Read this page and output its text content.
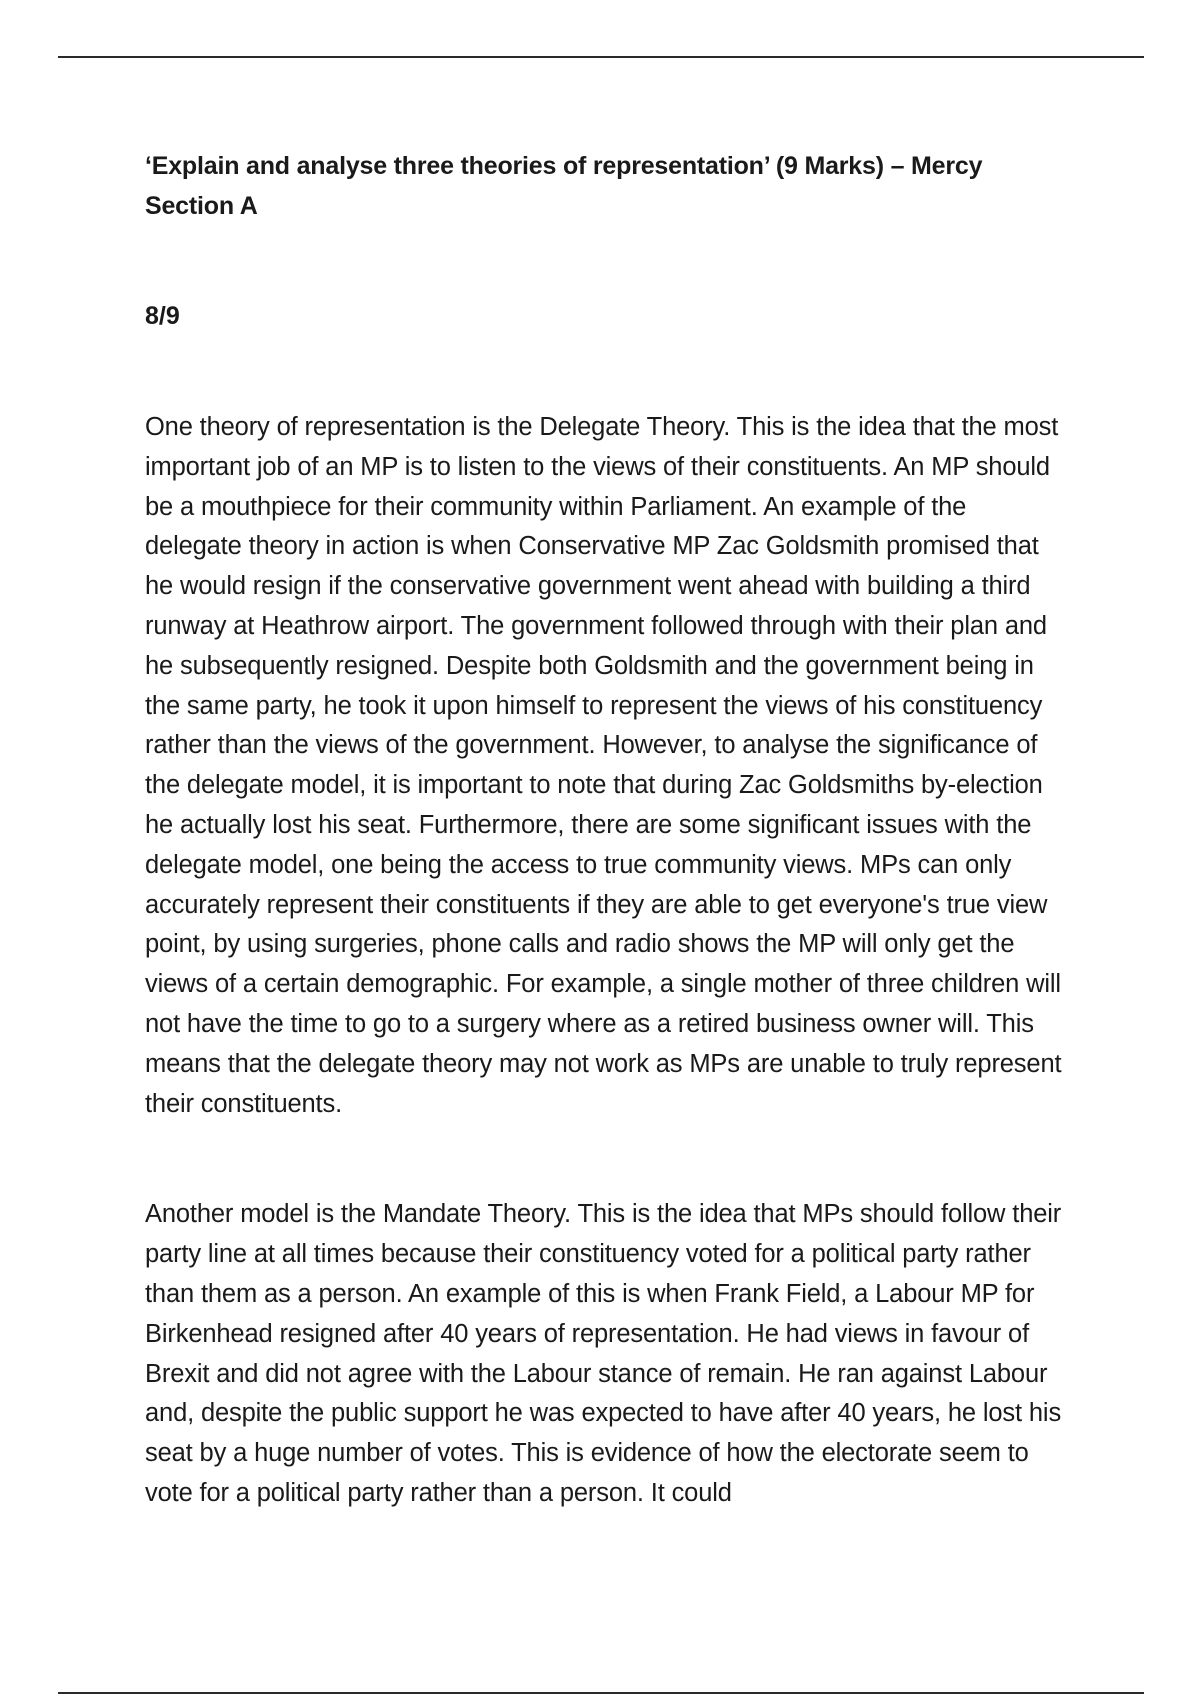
‘Explain and analyse three theories of representation’ (9 Marks) – Mercy Section A

8/9

One theory of representation is the Delegate Theory. This is the idea that the most important job of an MP is to listen to the views of their constituents. An MP should be a mouthpiece for their community within Parliament. An example of the delegate theory in action is when Conservative MP Zac Goldsmith promised that he would resign if the conservative government went ahead with building a third runway at Heathrow airport. The government followed through with their plan and he subsequently resigned. Despite both Goldsmith and the government being in the same party, he took it upon himself to represent the views of his constituency rather than the views of the government. However, to analyse the significance of the delegate model, it is important to note that during Zac Goldsmiths by-election he actually lost his seat. Furthermore, there are some significant issues with the delegate model, one being the access to true community views. MPs can only accurately represent their constituents if they are able to get everyone's true view point, by using surgeries, phone calls and radio shows the MP will only get the views of a certain demographic. For example, a single mother of three children will not have the time to go to a surgery where as a retired business owner will. This means that the delegate theory may not work as MPs are unable to truly represent their constituents.

Another model is the Mandate Theory. This is the idea that MPs should follow their party line at all times because their constituency voted for a political party rather than them as a person. An example of this is when Frank Field, a Labour MP for Birkenhead resigned after 40 years of representation. He had views in favour of Brexit and did not agree with the Labour stance of remain. He ran against Labour and, despite the public support he was expected to have after 40 years, he lost his seat by a huge number of votes. This is evidence of how the electorate seem to vote for a political party rather than a person. It could
